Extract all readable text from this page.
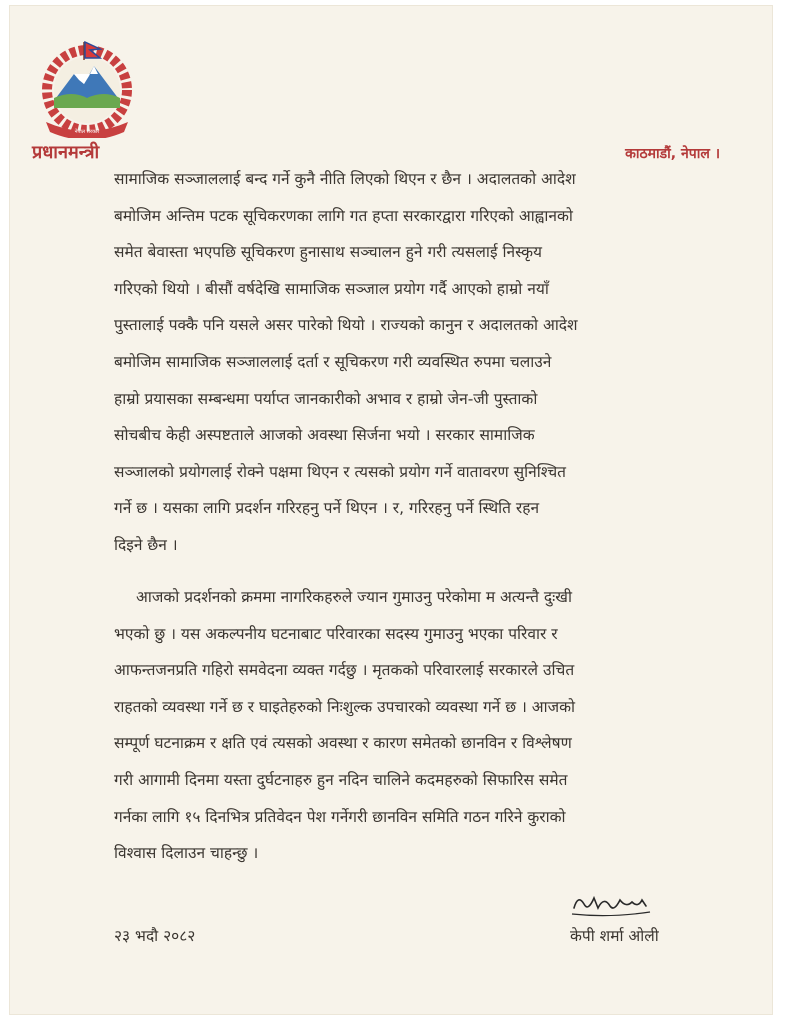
नेपाल सरकार
प्रधानमन्त्री	काठमाडौं, नेपाल ।
सामाजिक सञ्जाललाई बन्द गर्ने कुनै नीति लिएको थिएन र छैन । अदालतको आदेश
बमोजिम अन्तिम पटक सूचिकरणका लागि गत हप्ता सरकारद्वारा गरिएको आह्वानको
समेत बेवास्ता भएपछि सूचिकरण हुनासाथ सञ्चालन हुने गरी त्यसलाई निस्कृय
गरिएको थियो । बीसौं वर्षदेखि सामाजिक सञ्जाल प्रयोग गर्दै आएको हाम्रो नयाँ
पुस्तालाई पक्कै पनि यसले असर पारेको थियो । राज्यको कानुन र अदालतको आदेश
बमोजिम सामाजिक सञ्जाललाई दर्ता र सूचिकरण गरी व्यवस्थित रुपमा चलाउने
हाम्रो प्रयासका सम्बन्धमा पर्याप्त जानकारीको अभाव र हाम्रो जेन-जी पुस्ताको
सोचबीच केही अस्पष्टताले आजको अवस्था सिर्जना भयो । सरकार सामाजिक
सञ्जालको प्रयोगलाई रोक्ने पक्षमा थिएन र त्यसको प्रयोग गर्ने वातावरण सुनिश्चित
गर्ने छ । यसका लागि प्रदर्शन गरिरहनु पर्ने थिएन । र, गरिरहनु पर्ने स्थिति रहन
दिइने छैन ।
आजको प्रदर्शनको क्रममा नागरिकहरुले ज्यान गुमाउनु परेकोमा म अत्यन्तै दुःखी
भएको छु । यस अकल्पनीय घटनाबाट परिवारका सदस्य गुमाउनु भएका परिवार र
आफन्तजनप्रति गहिरो समवेदना व्यक्त गर्दछु । मृतकको परिवारलाई सरकारले उचित
राहतको व्यवस्था गर्ने छ र घाइतेहरुको निःशुल्क उपचारको व्यवस्था गर्ने छ । आजको
सम्पूर्ण घटनाक्रम र क्षति एवं त्यसको अवस्था र कारण समेतको छानविन र विश्लेषण
गरी आगामी दिनमा यस्ता दुर्घटनाहरु हुन नदिन चालिने कदमहरुको सिफारिस समेत
गर्नका लागि १५ दिनभित्र प्रतिवेदन पेश गर्नेगरी छानविन समिति गठन गरिने कुराको
विश्वास दिलाउन चाहन्छु ।
२३ भदौ २०८२	केपी शर्मा ओली
